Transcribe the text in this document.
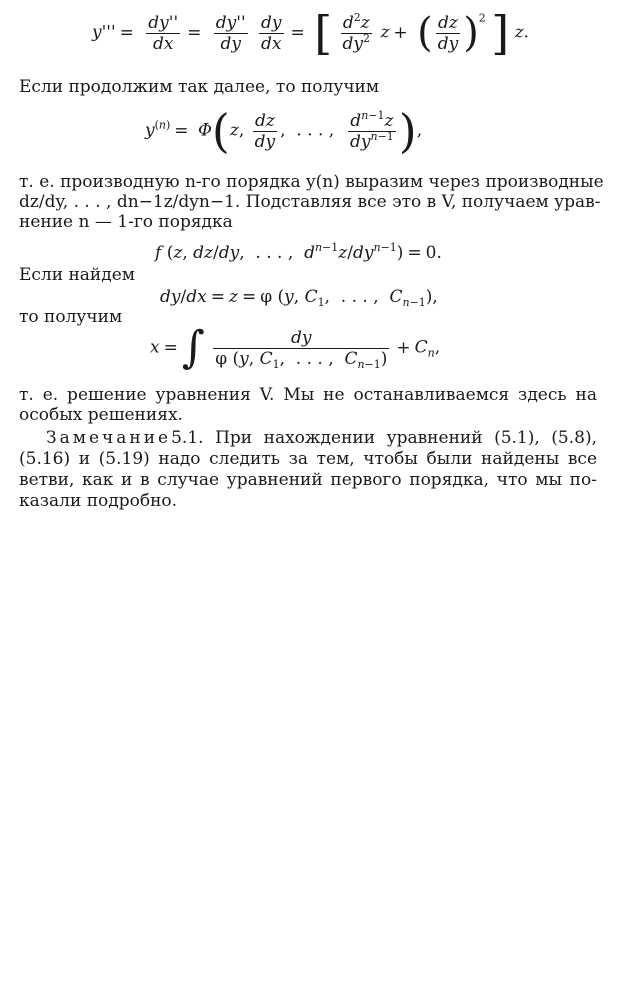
$y''' = \frac{dy''}{dx} = \frac{dy''}{dy}$
$\frac{dy}{dx}$ = [ $\frac{d^2z}{dy^2}$ z + ( $\frac{dz}{dy} )^2$ ] z.
Если продолжим так далее, то получим
$y^{(n)} = \Phi(z$, $\frac{dz}{dy}$ ,  . . . , $\frac{d^{n-1}z}{dy^{n-1}}$ ),
т. е. производную n-го порядка y(n) выразим через производные
dz/dy, . . . , dn−1z/dyn−1. Подставляя все это в V, получаем урав-
нение n — 1-го порядка
f (z, dz/dy,  . . . ,  $d^{n-1}z/dy^{n-1}) = 0$.
Если найдем
dy/dx = z = φ (y, $C_1$,  . . . ,  $C_{n-1}$),
то получим
x =∫ $\frac{dy}{\varphi (y, C_1, . . . , C_{n-1})} + C_n$,
т. е. решение уравнения V. Мы не останавливаемся здесь на
особых решениях.
Замечание5.1. При нахождении уравнений (5.1), (5.8),
(5.16) и (5.19) надо следить за тем, чтобы были найдены все
ветви, как и в случае уравнений первого порядка, что мы по-
казали подробно.
